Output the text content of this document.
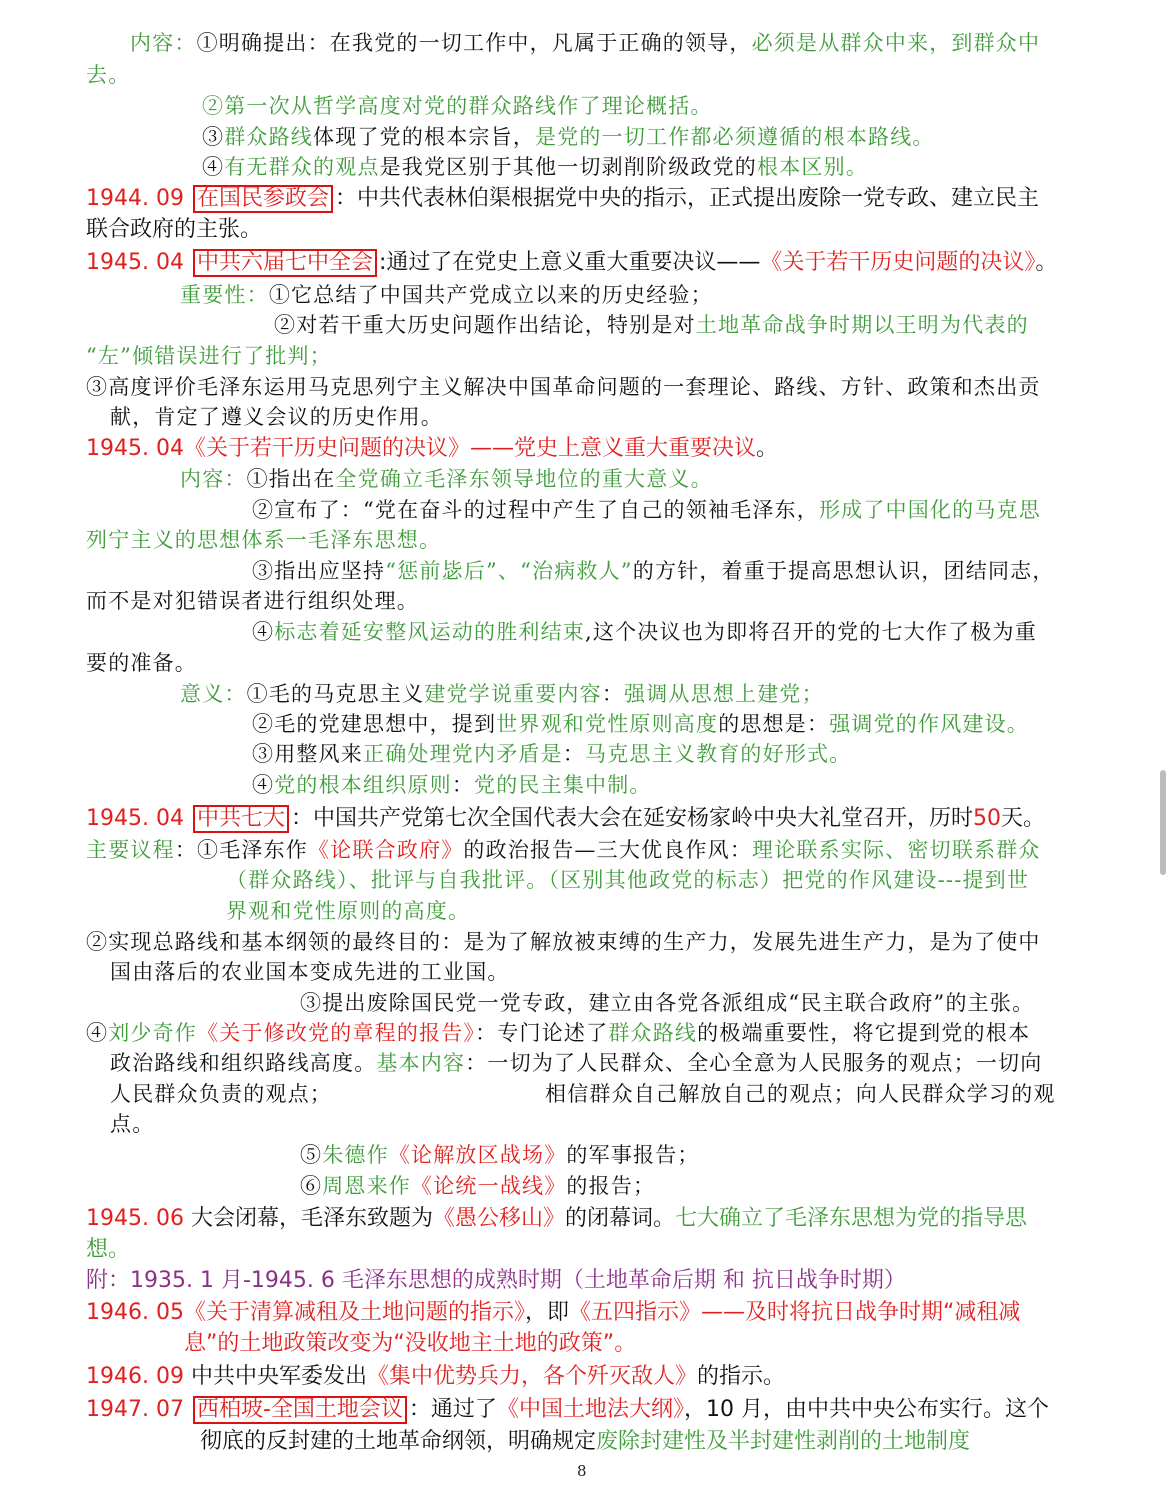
内容：①明确提出：在我党的一切工作中，凡属于正确的领导，必须是从群众中来，到群众中
去。
②第一次从哲学高度对党的群众路线作了理论概括。
③群众路线体现了党的根本宗旨，是党的一切工作都必须遵循的根本路线。
④有无群众的观点是我党区别于其他一切剥削阶级政党的根本区别。
1944. 09 在国民参政会 ：中共代表林伯渠根据党中央的指示，正式提出废除一党专政、建立民主
联合政府的主张。
1945. 04 中共六届七中全会 :通过了在党史上意义重大重要决议——《关于若干历史问题的决议》。
重要性：①它总结了中国共产党成立以来的历史经验；
②对若干重大历史问题作出结论，特别是对土地革命战争时期以王明为代表的
“左”倾错误进行了批判；
③高度评价毛泽东运用马克思列宁主义解决中国革命问题的一套理论、路线、方针、政策和杰出贡
献，肯定了遵义会议的历史作用。
1945. 04《关于若干历史问题的决议》——党史上意义重大重要决议。
内容：①指出在全党确立毛泽东领导地位的重大意义。
②宣布了：“党在奋斗的过程中产生了自己的领袖毛泽东，形成了中国化的马克思
列宁主义的思想体系一毛泽东思想。
③指出应坚持“惩前毖后”、“治病救人”的方针，着重于提高思想认识，团结同志，
而不是对犯错误者进行组织处理。
④标志着延安整风运动的胜利结束,这个决议也为即将召开的党的七大作了极为重
要的准备。
意义：①毛的马克思主义建党学说重要内容：强调从思想上建党；
②毛的党建思想中，提到世界观和党性原则高度的思想是：强调党的作风建设。
③用整风来正确处理党内矛盾是：马克思主义教育的好形式。
④党的根本组织原则：党的民主集中制。
1945. 04 中共七大 ：中国共产党第七次全国代表大会在延安杨家岭中央大礼堂召开，历时50天。
主要议程：①毛泽东作《论联合政府》的政治报告—三大优良作风：理论联系实际、密切联系群众
（群众路线）、批评与自我批评。（区别其他政党的标志）把党的作风建设---提到世
界观和党性原则的高度。
②实现总路线和基本纲领的最终目的：是为了解放被束缚的生产力，发展先进生产力，是为了使中
国由落后的农业国本变成先进的工业国。
③提出废除国民党一党专政，建立由各党各派组成“民主联合政府”的主张。
④刘少奇作《关于修改党的章程的报告》：专门论述了群众路线的极端重要性，将它提到党的根本
政治路线和组织路线高度。基本内容：一切为了人民群众、全心全意为人民服务的观点；一切向
人民群众负责的观点；	相信群众自己解放自己的观点；向人民群众学习的观
点。
⑤朱德作《论解放区战场》的军事报告；
⑥周恩来作《论统一战线》的报告；
1945. 06 大会闭幕，毛泽东致题为《愚公移山》的闭幕词。七大确立了毛泽东思想为党的指导思
想。
附：1935. 1 月-1945. 6 毛泽东思想的成熟时期（土地革命后期 和 抗日战争时期）
1946. 05《关于清算减租及土地问题的指示》，即《五四指示》——及时将抗日战争时期“减租减
息”的土地政策改变为“没收地主土地的政策”。
1946. 09 中共中央军委发出《集中优势兵力，各个歼灭敌人》的指示。
1947. 07 西柏坡-全国土地会议 ：通过了《中国土地法大纲》，10 月，由中共中央公布实行。这个
彻底的反封建的土地革命纲领，明确规定废除封建性及半封建性剥削的土地制度
8
